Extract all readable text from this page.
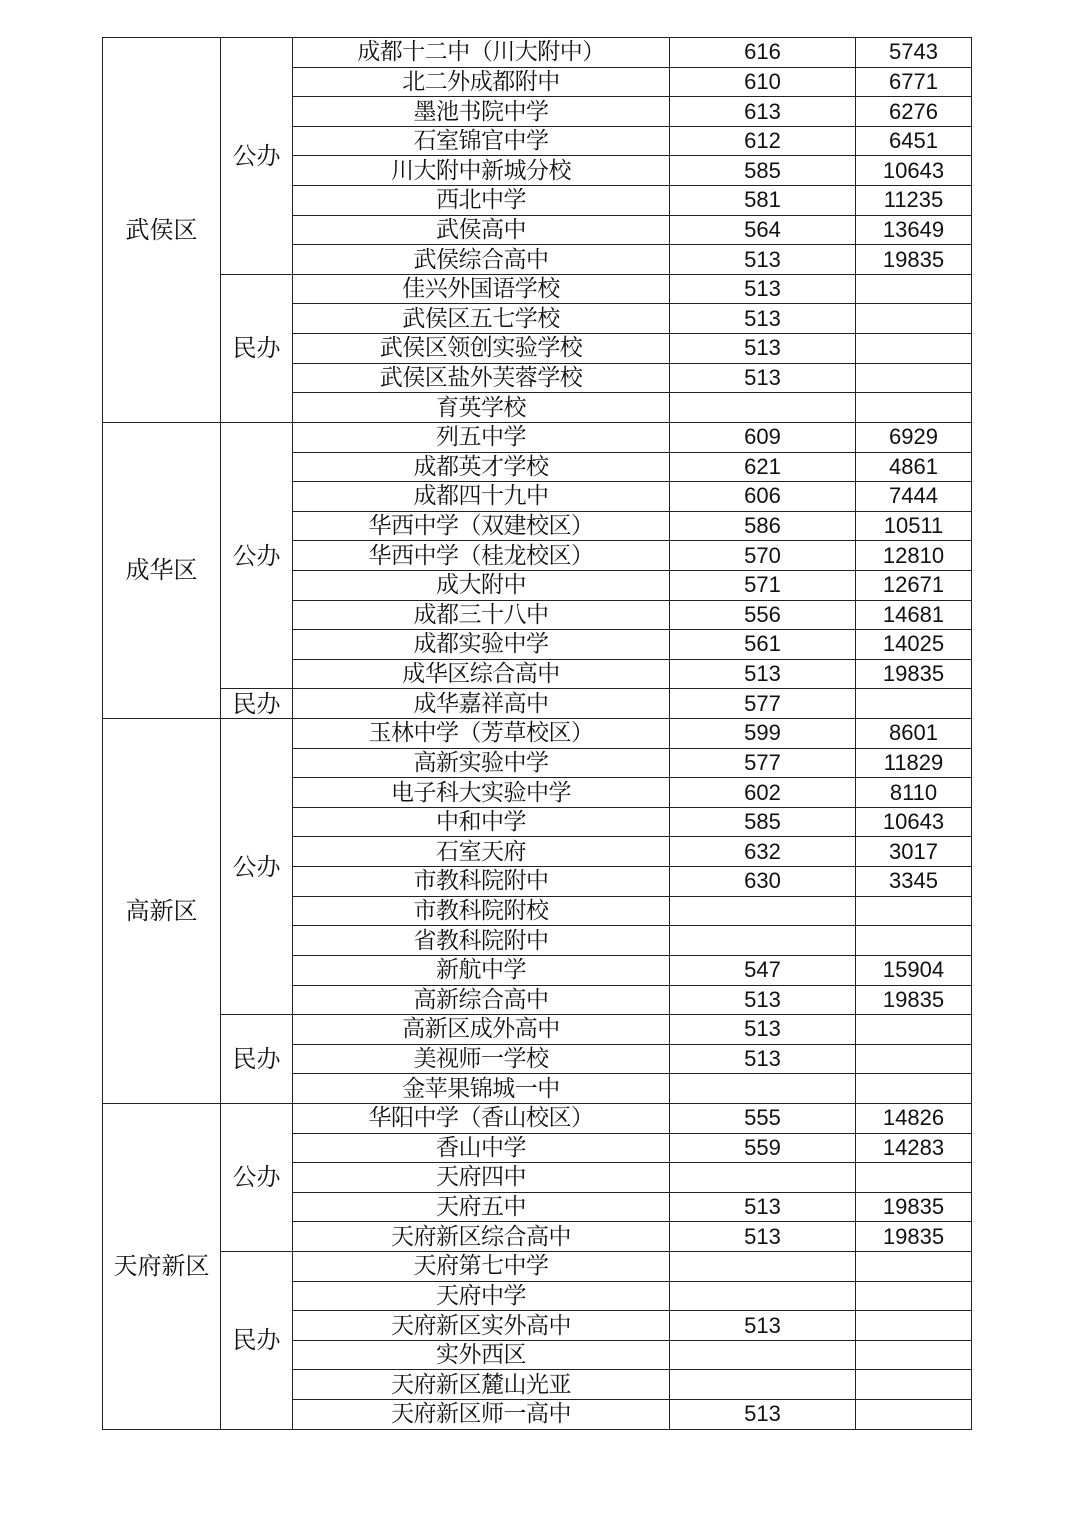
武侯区	公办	成都十二中（川大附中）	616	5743
		北二外成都附中	610	6771
		墨池书院中学	613	6276
		石室锦官中学	612	6451
		川大附中新城分校	585	10643
		西北中学	581	11235
		武侯高中	564	13649
		武侯综合高中	513	19835
	民办	佳兴外国语学校	513	
		武侯区五七学校	513	
		武侯区领创实验学校	513	
		武侯区盐外芙蓉学校	513	
		育英学校		
成华区	公办	列五中学	609	6929
		成都英才学校	621	4861
		成都四十九中	606	7444
		华西中学（双建校区）	586	10511
		华西中学（桂龙校区）	570	12810
		成大附中	571	12671
		成都三十八中	556	14681
		成都实验中学	561	14025
		成华区综合高中	513	19835
	民办	成华嘉祥高中	577	
高新区	公办	玉林中学（芳草校区）	599	8601
		高新实验中学	577	11829
		电子科大实验中学	602	8110
		中和中学	585	10643
		石室天府	632	3017
		市教科院附中	630	3345
		市教科院附校		
		省教科院附中		
		新航中学	547	15904
		高新综合高中	513	19835
	民办	高新区成外高中	513	
		美视师一学校	513	
		金苹果锦城一中		
天府新区	公办	华阳中学（香山校区）	555	14826
		香山中学	559	14283
		天府四中		
		天府五中	513	19835
		天府新区综合高中	513	19835
	民办	天府第七中学		
		天府中学		
		天府新区实外高中	513	
		实外西区		
		天府新区麓山光亚		
		天府新区师一高中	513	
